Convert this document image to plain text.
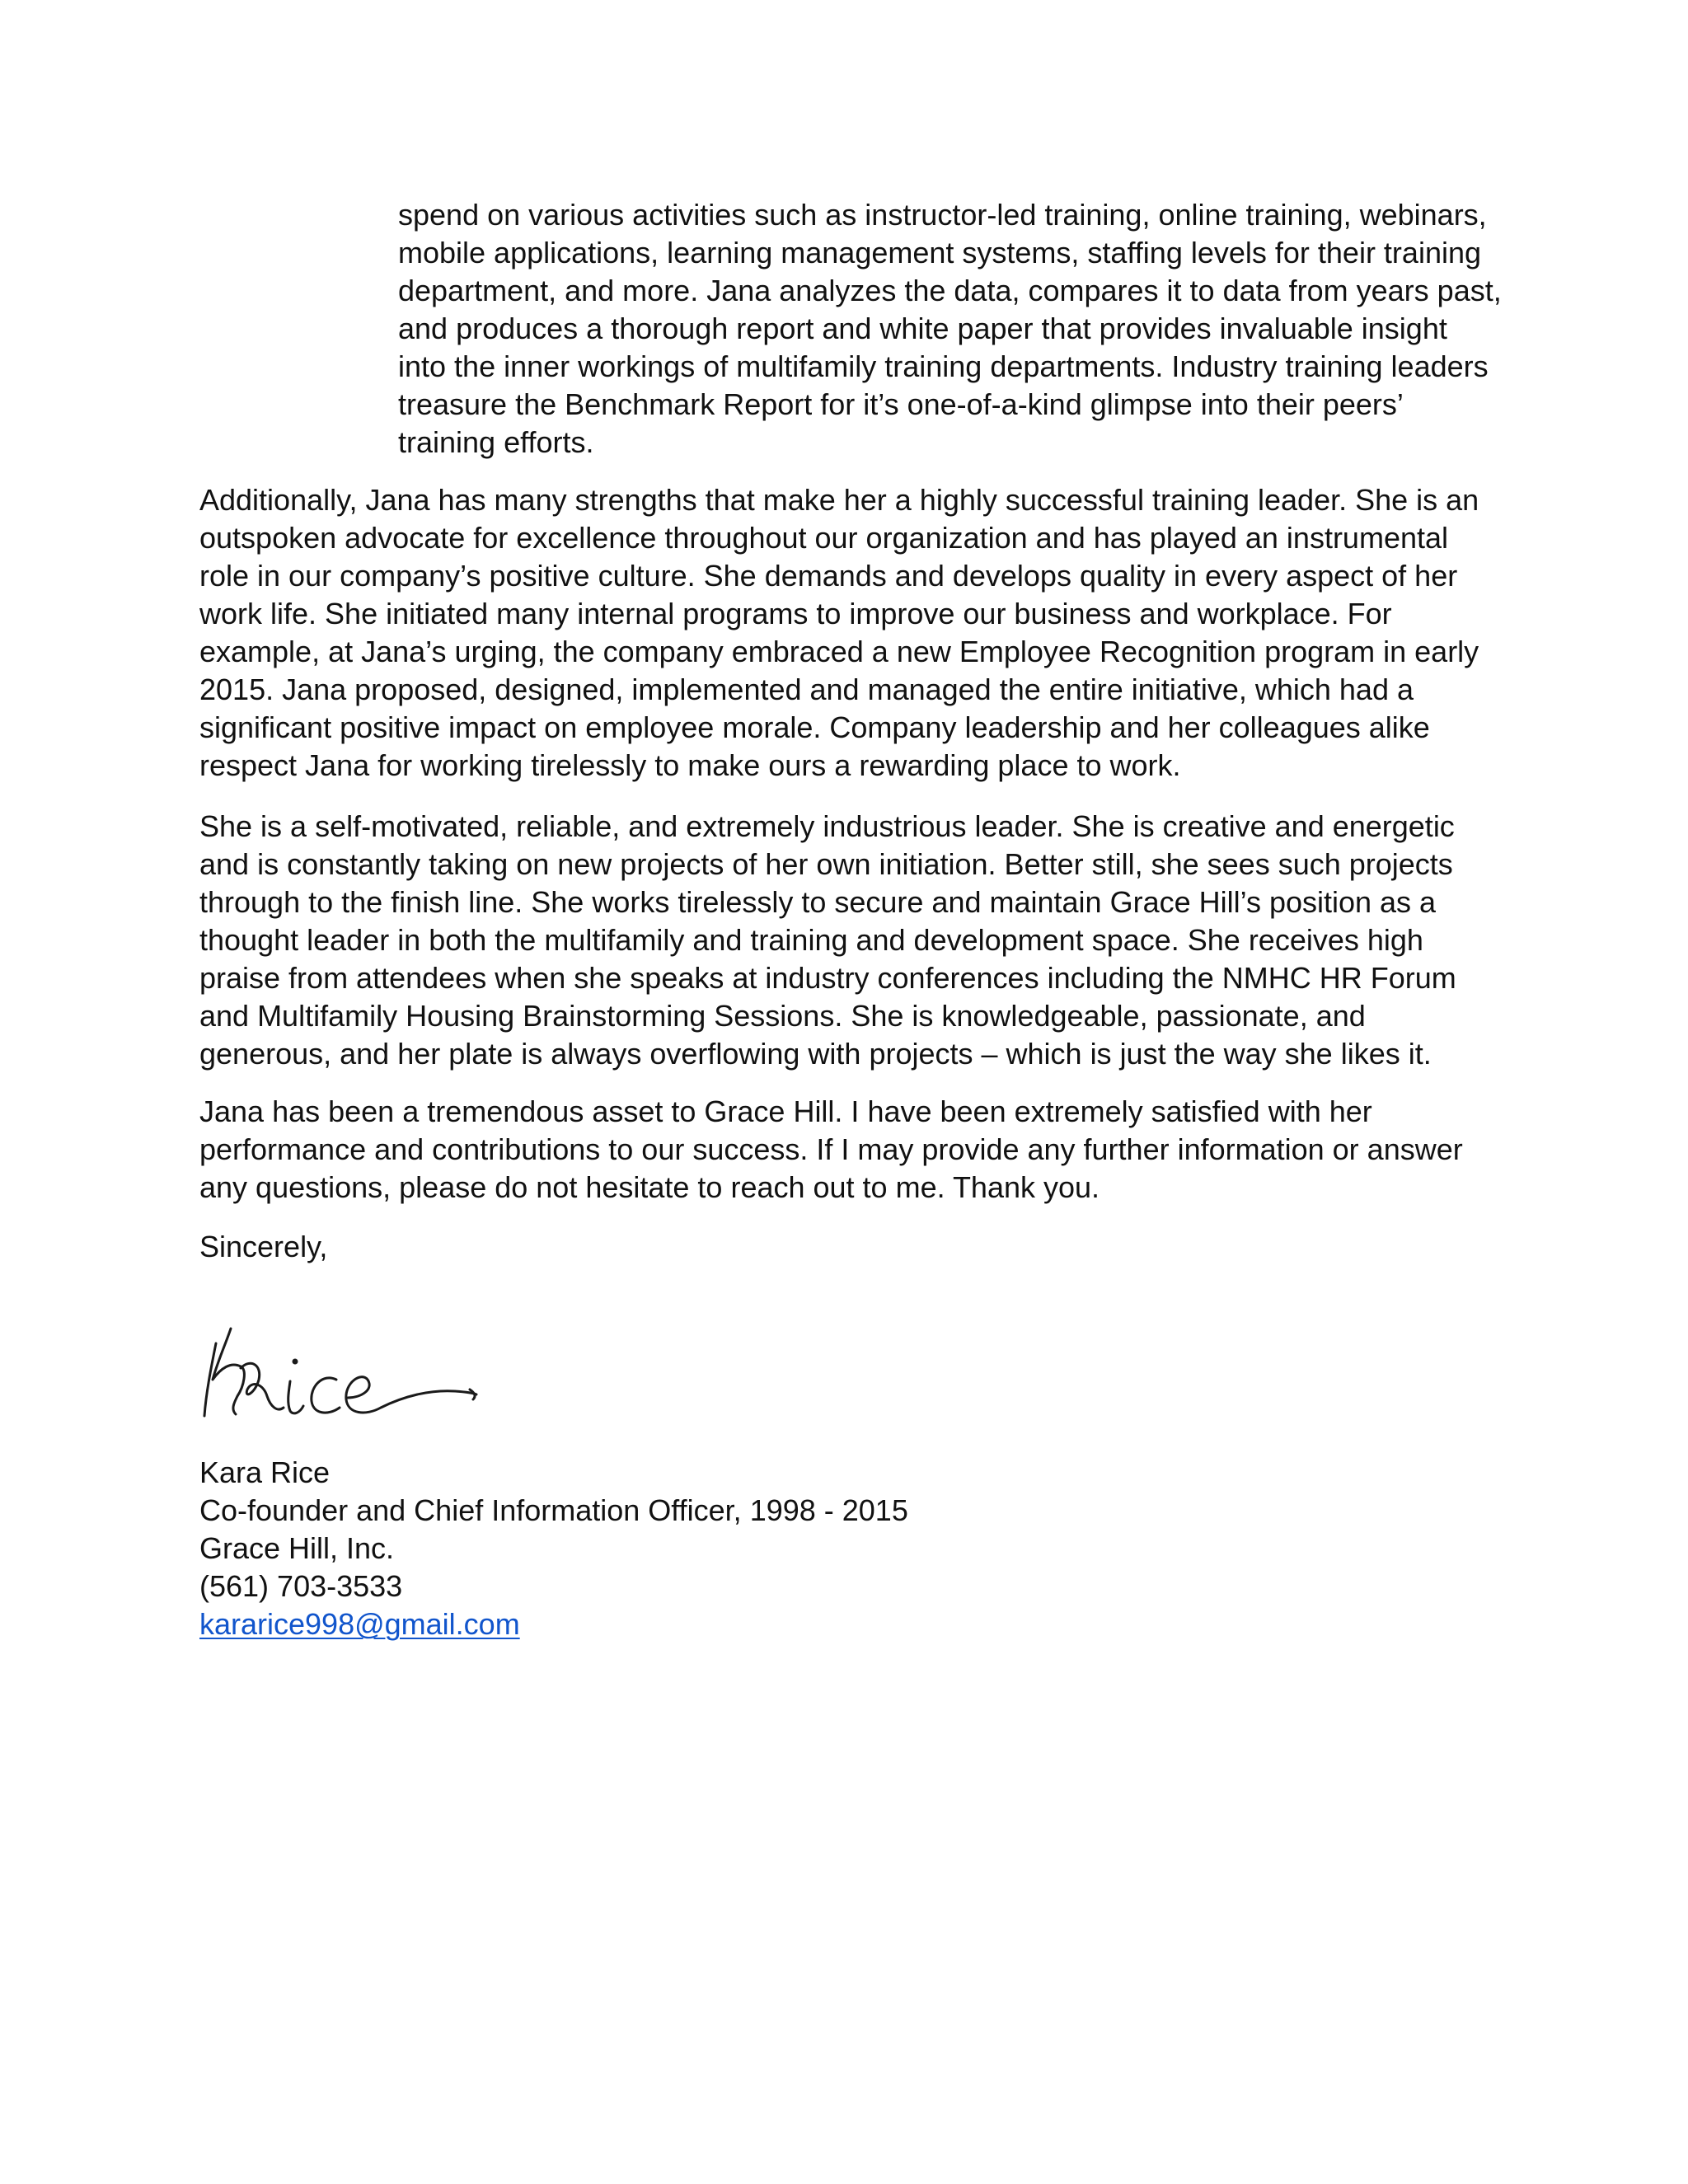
spend on various activities such as instructor-led training, online training, webinars, mobile applications, learning management systems, staffing levels for their training department, and more. Jana analyzes the data, compares it to data from years past, and produces a thorough report and white paper that provides invaluable insight into the inner workings of multifamily training departments. Industry training leaders treasure the Benchmark Report for it’s one-of-a-kind glimpse into their peers’ training efforts.

Additionally, Jana has many strengths that make her a highly successful training leader. She is an outspoken advocate for excellence throughout our organization and has played an instrumental role in our company’s positive culture. She demands and develops quality in every aspect of her work life. She initiated many internal programs to improve our business and workplace. For example, at Jana’s urging, the company embraced a new Employee Recognition program in early 2015. Jana proposed, designed, implemented and managed the entire initiative, which had a significant positive impact on employee morale. Company leadership and her colleagues alike respect Jana for working tirelessly to make ours a rewarding place to work.

She is a self-motivated, reliable, and extremely industrious leader. She is creative and energetic and is constantly taking on new projects of her own initiation. Better still, she sees such projects through to the finish line. She works tirelessly to secure and maintain Grace Hill’s position as a thought leader in both the multifamily and training and development space. She receives high praise from attendees when she speaks at industry conferences including the NMHC HR Forum and Multifamily Housing Brainstorming Sessions. She is knowledgeable, passionate, and generous, and her plate is always overflowing with projects – which is just the way she likes it.

Jana has been a tremendous asset to Grace Hill. I have been extremely satisfied with her performance and contributions to our success. If I may provide any further information or answer any questions, please do not hesitate to reach out to me. Thank you.

Sincerely,

Kara Rice
Co-founder and Chief Information Officer, 1998 - 2015
Grace Hill, Inc.
(561) 703-3533
kararice998@gmail.com
